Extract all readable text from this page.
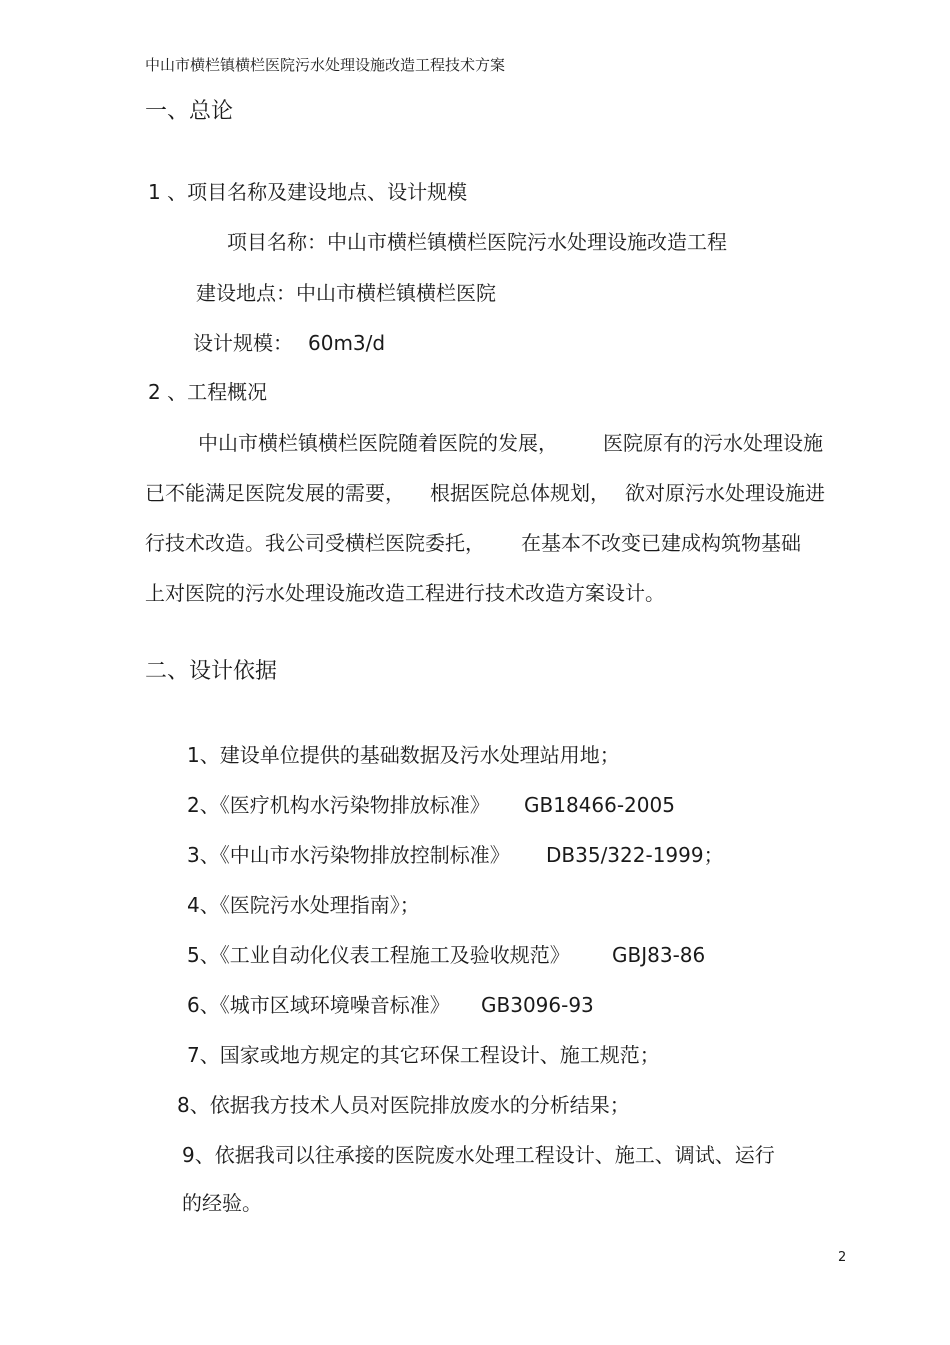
中山市横栏镇横栏医院污水处理设施改造工程技术方案
一、总论
1 、项目名称及建设地点、设计规模
项目名称：中山市横栏镇横栏医院污水处理设施改造工程
建设地点：中山市横栏镇横栏医院
设计规模： 60m3/d
2 、工程概况
中山市横栏镇横栏医院随着医院的发展， 医院原有的污水处理设施
已不能满足医院发展的需要， 根据医院总体规划， 欲对原污水处理设施进
行技术改造。我公司受横栏医院委托， 在基本不改变已建成构筑物基础
上对医院的污水处理设施改造工程进行技术改造方案设计。
二、设计依据
1、建设单位提供的基础数据及污水处理站用地；
2、《医疗机构水污染物排放标准》 GB18466-2005
3、《中山市水污染物排放控制标准》 DB35/322-1999；
4、《医院污水处理指南》；
5、《工业自动化仪表工程施工及验收规范》 GBJ83-86
6、《城市区域环境噪音标准》 GB3096-93
7、国家或地方规定的其它环保工程设计、施工规范；
8、依据我方技术人员对医院排放废水的分析结果；
9、依据我司以往承接的医院废水处理工程设计、施工、调试、运行
的经验。
2
